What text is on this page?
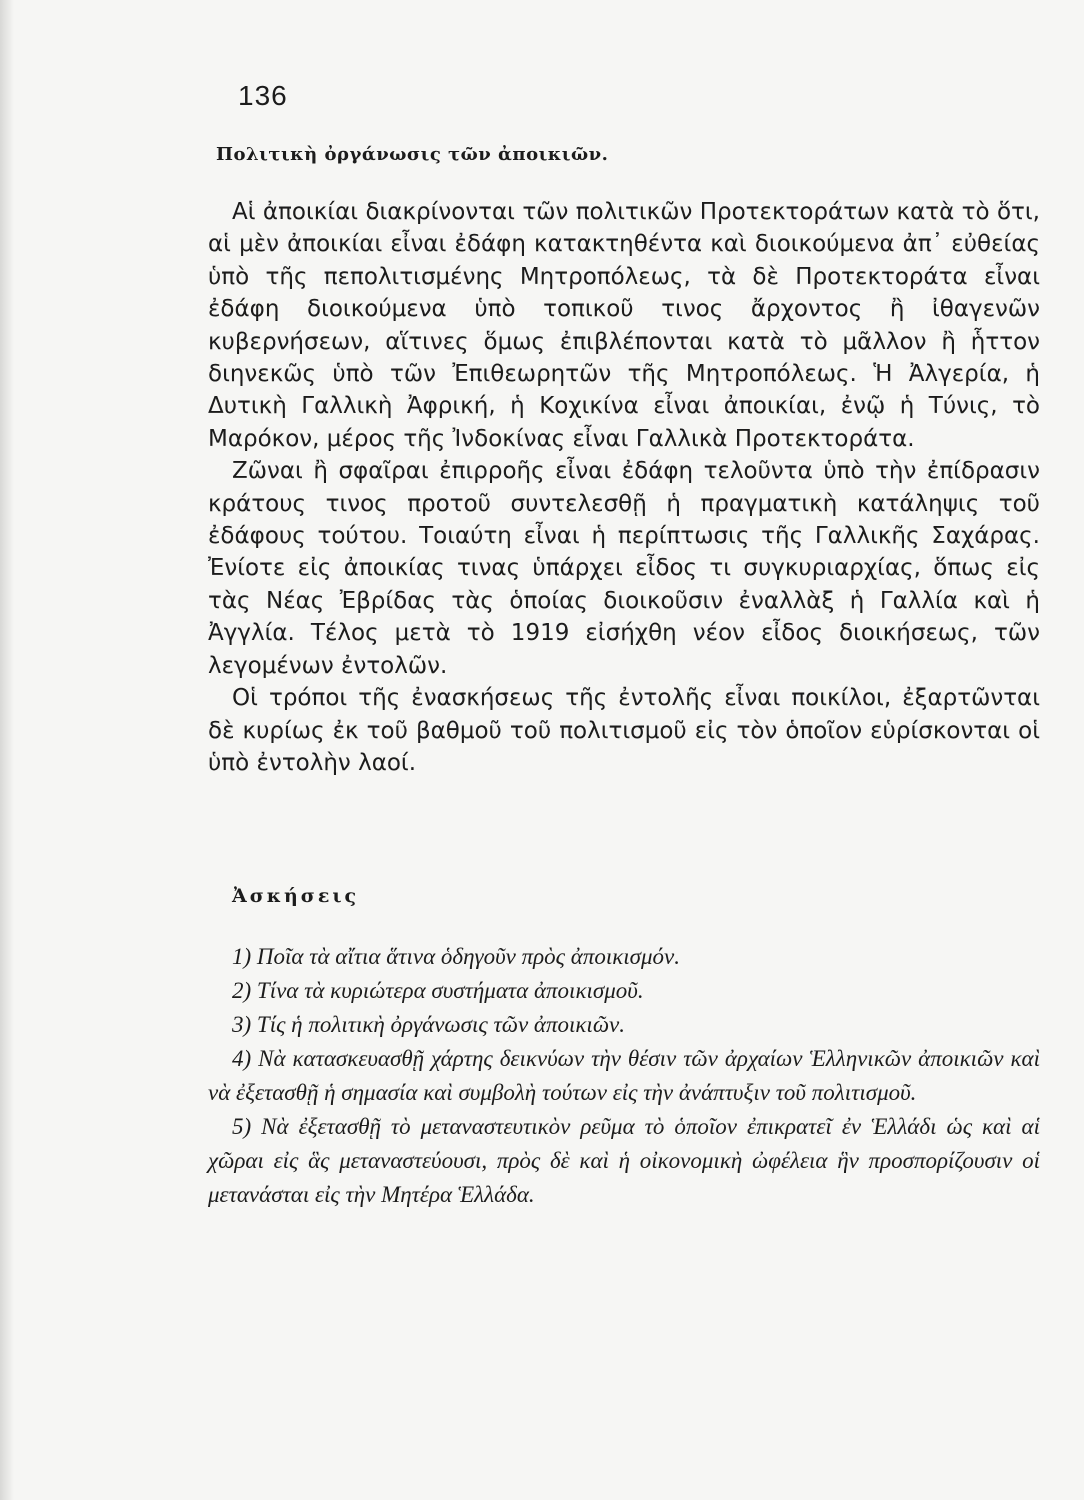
136
Πολιτικὴ ὀργάνωσις τῶν ἀποικιῶν.

Αἱ ἀποικίαι διακρίνονται τῶν πολιτικῶν Προτεκτοράτων κατὰ τὸ ὅτι, αἱ μὲν ἀποικίαι εἶναι ἐδάφη κατακτηθέντα καὶ διοικούμενα ἀπ᾽ εὐθείας ὑπὸ τῆς πεπολιτισμένης Μητροπόλεως, τὰ δὲ Προτεκτοράτα εἶναι ἐδάφη διοικούμενα ὑπὸ τοπικοῦ τινος ἄρχοντος ἢ ἰθαγενῶν κυβερνήσεων, αἵτινες ὅμως ἐπιβλέπονται κατὰ τὸ μᾶλλον ἢ ἧττον διηνεκῶς ὑπὸ τῶν Ἐπιθεωρητῶν τῆς Μητροπόλεως. Ἡ Ἀλγερία, ἡ Δυτικὴ Γαλλικὴ Ἀφρική, ἡ Κοχικίνα εἶναι ἀποικίαι, ἐνῷ ἡ Τύνις, τὸ Μαρόκον, μέρος τῆς Ἰνδοκίνας εἶναι Γαλλικὰ Προτεκτοράτα.

Ζῶναι ἢ σφαῖραι ἐπιρροῆς εἶναι ἐδάφη τελοῦντα ὑπὸ τὴν ἐπίδρασιν κράτους τινος προτοῦ συντελεσθῇ ἡ πραγματικὴ κατάληψις τοῦ ἐδάφους τούτου. Τοιαύτη εἶναι ἡ περίπτωσις τῆς Γαλλικῆς Σαχάρας. Ἐνίοτε εἰς ἀποικίας τινας ὑπάρχει εἶδος τι συγκυριαρχίας, ὅπως εἰς τὰς Νέας Ἐβρίδας τὰς ὁποίας διοικοῦσιν ἐναλλὰξ ἡ Γαλλία καὶ ἡ Ἀγγλία. Τέλος μετὰ τὸ 1919 εἰσήχθη νέον εἶδος διοικήσεως, τῶν λεγομένων ἐντολῶν.

Οἱ τρόποι τῆς ἐνασκήσεως τῆς ἐντολῆς εἶναι ποικίλοι, ἐξαρτῶνται δὲ κυρίως ἐκ τοῦ βαθμοῦ τοῦ πολιτισμοῦ εἰς τὸν ὁποῖον εὑρίσκονται οἱ ὑπὸ ἐντολὴν λαοί.

Ἀσκήσεις

1) Ποῖα τὰ αἴτια ἅτινα ὁδηγοῦν πρὸς ἀποικισμόν.

2) Τίνα τὰ κυριώτερα συστήματα ἀποικισμοῦ.

3) Τίς ἡ πολιτικὴ ὀργάνωσις τῶν ἀποικιῶν.

4) Νὰ κατασκευασθῇ χάρτης δεικνύων τὴν θέσιν τῶν ἀρχαίων Ἑλληνικῶν ἀποικιῶν καὶ νὰ ἐξετασθῇ ἡ σημασία καὶ συμβολὴ τούτων εἰς τὴν ἀνάπτυξιν τοῦ πολιτισμοῦ.

5) Νὰ ἐξετασθῇ τὸ μεταναστευτικὸν ρεῦμα τὸ ὁποῖον ἐπικρατεῖ ἐν Ἑλλάδι ὡς καὶ αἱ χῶραι εἰς ἃς μεταναστεύουσι, πρὸς δὲ καὶ ἡ οἰκονομικὴ ὠφέλεια ἣν προσπορίζουσιν οἱ μετανάσται εἰς τὴν Μητέρα Ἑλλάδα.
